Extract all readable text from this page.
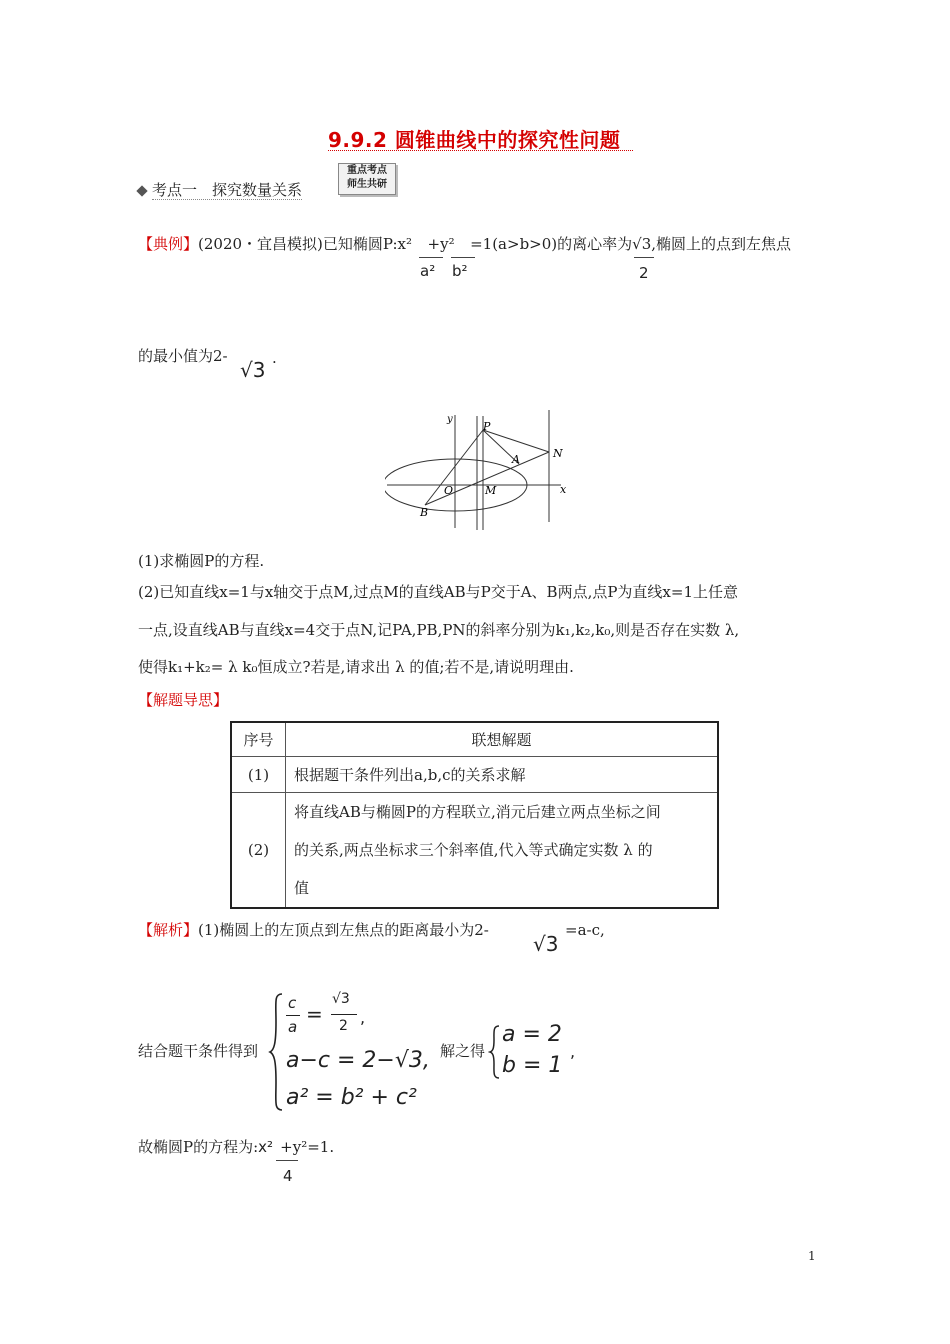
9.9.2 圆锥曲线中的探究性问题
考点一　探究数量关系
重点考点
师生共研
【典例】(2020・宜昌模拟)已知椭圆P:x² +y² =1(a>b>0)的离心率为√3,椭圆上的点到左焦点
a² b²	2
的最小值为2-
√3 .
y
P
N
A
O	M	x
B
(1)求椭圆P的方程.
(2)已知直线x=1与x轴交于点M,过点M的直线AB与P交于A、B两点,点P为直线x=1上任意
一点,设直线AB与直线x=4交于点N,记PA,PB,PN的斜率分别为k₁,k₂,k₀,则是否存在实数 λ,
使得k₁+k₂= λ k₀恒成立?若是,请求出 λ 的值;若不是,请说明理由.
【解题导思】
序号	联想解题
(1)	根据题干条件列出a,b,c的关系求解
(2)	将直线AB与椭圆P的方程联立,消元后建立两点坐标之间
的关系,两点坐标求三个斜率值,代入等式确定实数 λ 的
值
【解析】(1)椭圆上的左顶点到左焦点的距离最小为2-
√3
=a-c,
结合题干条件得到
c
a
=
√3
2 ,
a−c = 2−√3,
a² = b² + c²
解之得
a = 2
b = 1
,
故椭圆P的方程为:x² +y²=1.
4
1
